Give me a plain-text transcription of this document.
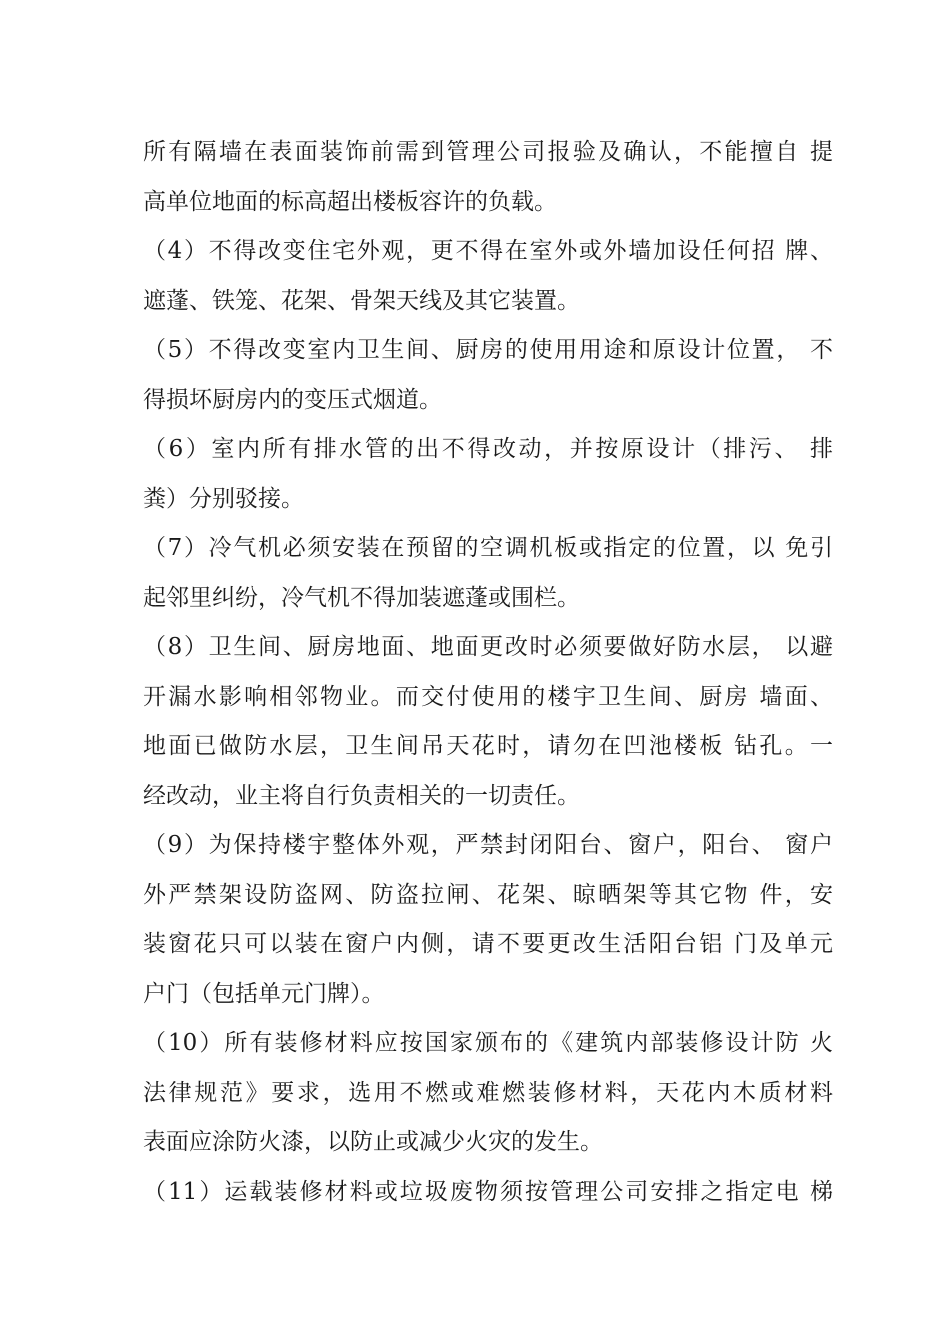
所有隔墙在表面装饰前需到管理公司报验及确认，不能擅自 提
高单位地面的标高超出楼板容许的负载。
（4）不得改变住宅外观，更不得在室外或外墙加设任何招 牌、
遮蓬、铁笼、花架、骨架天线及其它装置。
（5）不得改变室内卫生间、厨房的使用用途和原设计位置， 不
得损坏厨房内的变压式烟道。
（6）室内所有排水管的出不得改动，并按原设计（排污、 排
粪）分别驳接。
（7）冷气机必须安装在预留的空调机板或指定的位置，以 免引
起邻里纠纷，冷气机不得加装遮蓬或围栏。
（8）卫生间、厨房地面、地面更改时必须要做好防水层， 以避
开漏水影响相邻物业。而交付使用的楼宇卫生间、厨房 墙面、
地面已做防水层，卫生间吊天花时，请勿在凹池楼板 钻孔。一
经改动，业主将自行负责相关的一切责任。
（9）为保持楼宇整体外观，严禁封闭阳台、窗户，阳台、 窗户
外严禁架设防盗网、防盗拉闸、花架、晾晒架等其它物 件，安
装窗花只可以装在窗户内侧，请不要更改生活阳台铝 门及单元
户门（包括单元门牌）。
（10）所有装修材料应按国家颁布的《建筑内部装修设计防 火
法律规范》要求，选用不燃或难燃装修材料，天花内木质材料
表面应涂防火漆，以防止或减少火灾的发生。
（11）运载装修材料或垃圾废物须按管理公司安排之指定电 梯
